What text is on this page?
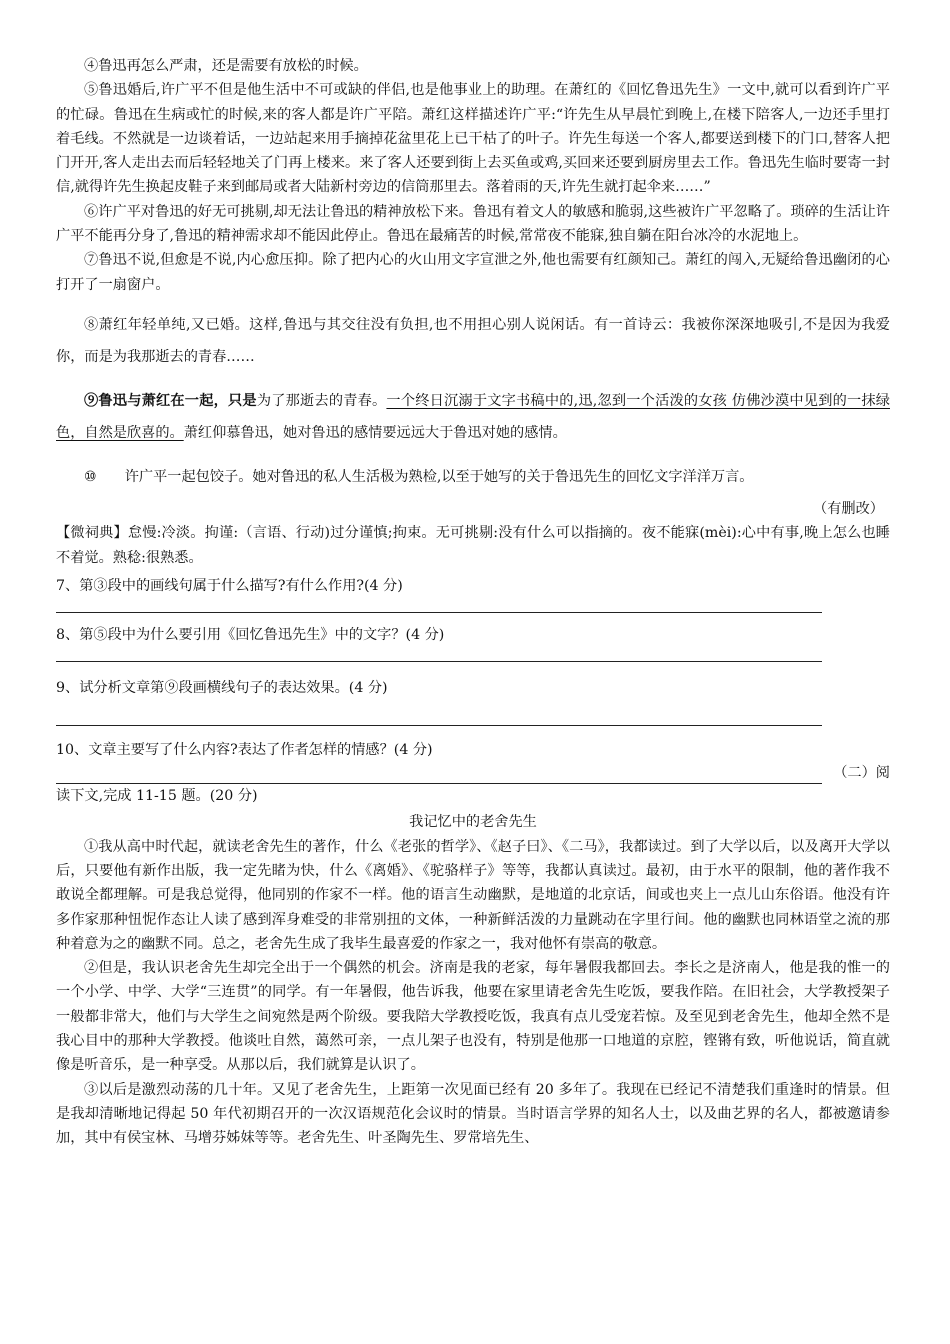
④鲁迅再怎么严肃，还是需要有放松的时候。

⑤鲁迅婚后,许广平不但是他生活中不可或缺的伴侣,也是他事业上的助理。在萧红的《回忆鲁迅先生》一文中,就可以看到许广平的忙碌。鲁迅在生病或忙的时候,来的客人都是许广平陪。萧红这样描述许广平:“许先生从早晨忙到晚上,在楼下陪客人,一边还手里打着毛线。不然就是一边谈着话，一边站起来用手摘掉花盆里花上已干枯了的叶子。许先生每送一个客人,都要送到楼下的门口,替客人把门开开,客人走出去而后轻轻地关了门再上楼来。来了客人还要到街上去买鱼或鸡,买回来还要到厨房里去工作。鲁迅先生临时要寄一封信,就得许先生换起皮鞋子来到邮局或者大陆新村旁边的信筒那里去。落着雨的天,许先生就打起伞来……”

⑥许广平对鲁迅的好无可挑剔,却无法让鲁迅的精神放松下来。鲁迅有着文人的敏感和脆弱,这些被许广平忽略了。琐碎的生活让许广平不能再分身了,鲁迅的精神需求却不能因此停止。鲁迅在最痛苦的时候,常常夜不能寐,独自躺在阳台冰冷的水泥地上。

⑦鲁迅不说,但愈是不说,内心愈压抑。除了把内心的火山用文字宣泄之外,他也需要有红颜知己。萧红的闯入,无疑给鲁迅幽闭的心打开了一扇窗户。

⑧萧红年轻单纯,又已婚。这样,鲁迅与其交往没有负担,也不用担心别人说闲话。有一首诗云：我被你深深地吸引,不是因为我爱你，而是为我那逝去的青春……

⑨鲁迅与萧红在一起，只是为了那逝去的青春。一个终日沉溺于文字书稿中的,迅,忽到一个活泼的女孩 仿佛沙漠中见到的一抹绿色，自然是欣喜的。萧红仰慕鲁迅，她对鲁迅的感情要远远大于鲁迅对她的感情。

⑩ 许广平一起包饺子。她对鲁迅的私人生活极为熟检,以至于她写的关于鲁迅先生的回忆文字洋洋万言。

（有删改）

【微祠典】怠慢:冷淡。拘谨:（言语、行动)过分谨慎;拘束。无可挑剔:没有什么可以指摘的。夜不能寐(mèi):心中有事,晚上怎么也睡不着觉。熟稔:很熟悉。

7、第③段中的画线句属于什么描写?有什么作用?(4 分)

8、第⑤段中为什么要引用《回忆鲁迅先生》中的文字？(4 分)

9、试分析文章第⑨段画横线句子的表达效果。(4 分)

10、文章主要写了什么内容?表达了作者怎样的情感？(4 分)

（二）阅

读下文,完成 11-15 题。(20 分)

我记忆中的老舍先生

①我从高中时代起，就读老舍先生的著作，什么《老张的哲学》、《赵子曰》、《二马》，我都读过。到了大学以后，以及离开大学以后，只要他有新作出版，我一定先睹为快，什么《离婚》、《驼骆样子》等等，我都认真读过。最初，由于水平的限制，他的著作我不敢说全都理解。可是我总觉得，他同别的作家不一样。他的语言生动幽默，是地道的北京话，间或也夹上一点儿山东俗语。他没有许多作家那种忸怩作态让人读了感到浑身难受的非常别扭的文体，一种新鲜活泼的力量跳动在字里行间。他的幽默也同林语堂之流的那种着意为之的幽默不同。总之，老舍先生成了我毕生最喜爱的作家之一，我对他怀有崇高的敬意。

②但是，我认识老舍先生却完全出于一个偶然的机会。济南是我的老家，每年暑假我都回去。李长之是济南人，他是我的惟一的一个小学、中学、大学“三连贯”的同学。有一年暑假，他告诉我，他要在家里请老舍先生吃饭，要我作陪。在旧社会，大学教授架子一般都非常大，他们与大学生之间宛然是两个阶级。要我陪大学教授吃饭，我真有点儿受宠若惊。及至见到老舍先生，他却全然不是我心目中的那种大学教授。他谈吐自然，蔼然可亲，一点儿架子也没有，特别是他那一口地道的京腔，铿锵有致，听他说话，简直就像是听音乐，是一种享受。从那以后，我们就算是认识了。

③以后是激烈动荡的几十年。又见了老舍先生，上距第一次见面已经有 20 多年了。我现在已经记不清楚我们重逢时的情景。但是我却清晰地记得起 50 年代初期召开的一次汉语规范化会议时的情景。当时语言学界的知名人士，以及曲艺界的名人，都被邀请参加，其中有侯宝林、马增芬姊妹等等。老舍先生、叶圣陶先生、罗常培先生、
